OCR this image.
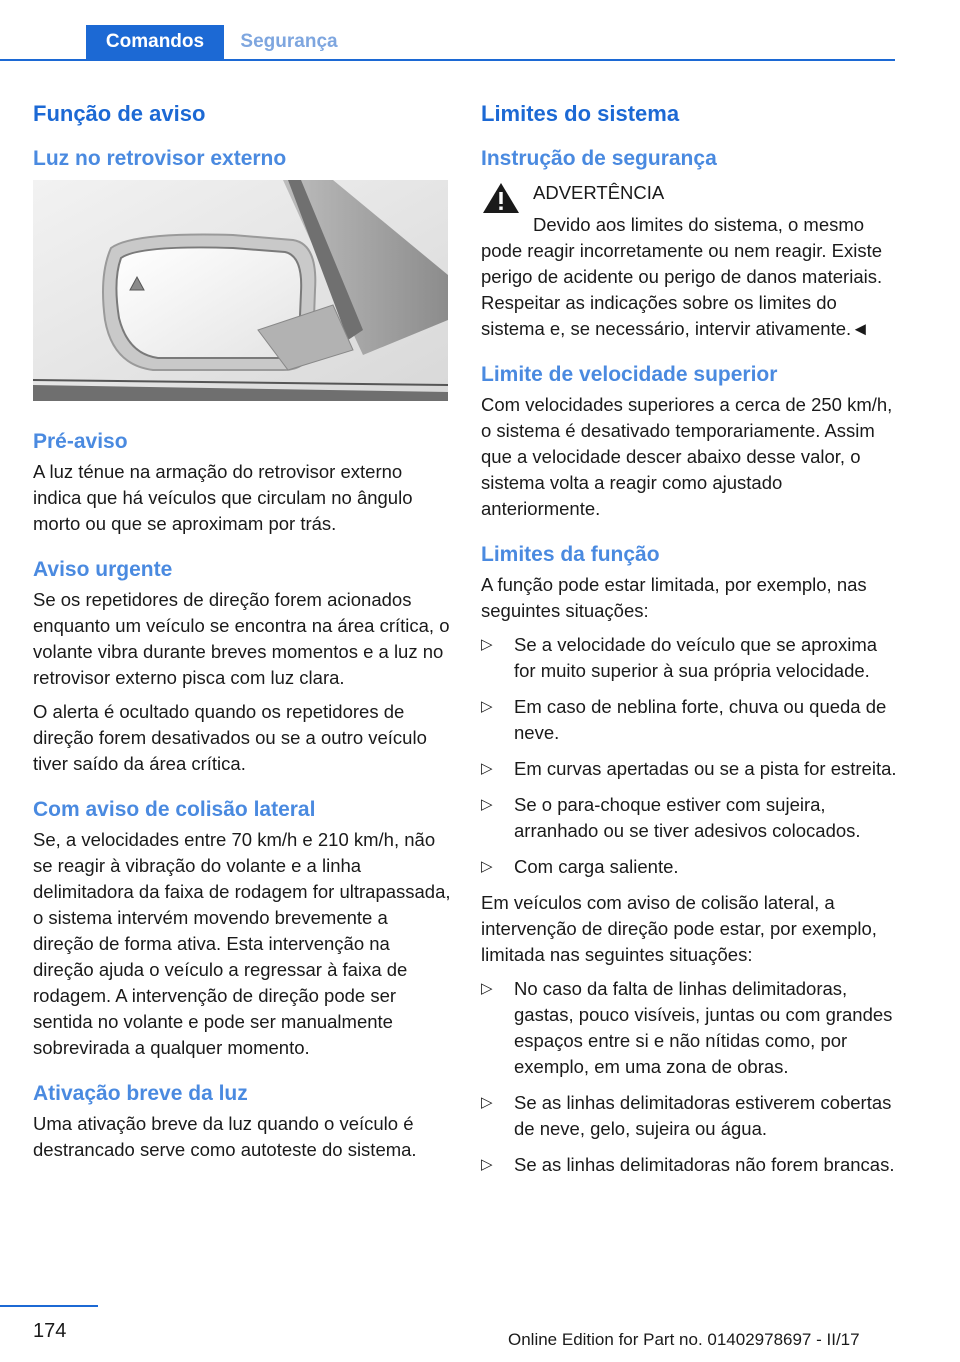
Comandos	Segurança
Função de aviso
Luz no retrovisor externo
Pré-aviso

A luz ténue na armação do retrovisor externo indica que há veículos que circulam no ângulo morto ou que se aproximam por trás.

Aviso urgente

Se os repetidores de direção forem acionados enquanto um veículo se encontra na área crítica, o volante vibra durante breves momentos e a luz no retrovisor externo pisca com luz clara.

O alerta é ocultado quando os repetidores de direção forem desativados ou se a outro veículo tiver saído da área crítica.

Com aviso de colisão lateral

Se, a velocidades entre 70 km/h e 210 km/h, não se reagir à vibração do volante e a linha delimitadora da faixa de rodagem for ultrapassada, o sistema intervém movendo brevemente a direção de forma ativa. Esta intervenção na direção ajuda o veículo a regressar à faixa de rodagem. A intervenção de direção pode ser sentida no volante e pode ser manualmente sobrevirada a qualquer momento.

Ativação breve da luz

Uma ativação breve da luz quando o veículo é destrancado serve como autoteste do sistema.

Limites do sistema
Instrução de segurança
ADVERTÊNCIA
Devido aos limites do sistema, o mesmo pode reagir incorretamente ou nem reagir. Existe perigo de acidente ou perigo de danos materiais. Respeitar as indicações sobre os limites do sistema e, se necessário, intervir ativamente.◄
Limite de velocidade superior

Com velocidades superiores a cerca de 250 km/h, o sistema é desativado temporariamente. Assim que a velocidade descer abaixo desse valor, o sistema volta a reagir como ajustado anteriormente.

Limites da função

A função pode estar limitada, por exemplo, nas seguintes situações:

▷ Se a velocidade do veículo que se aproxima for muito superior à sua própria velocidade.
▷ Em caso de neblina forte, chuva ou queda de neve.
▷ Em curvas apertadas ou se a pista for estreita.
▷ Se o para-choque estiver com sujeira, arranhado ou se tiver adesivos colocados.
▷ Com carga saliente.

Em veículos com aviso de colisão lateral, a intervenção de direção pode estar, por exemplo, limitada nas seguintes situações:

▷ No caso da falta de linhas delimitadoras, gastas, pouco visíveis, juntas ou com grandes espaços entre si e não nítidas como, por exemplo, em uma zona de obras.
▷ Se as linhas delimitadoras estiverem cobertas de neve, gelo, sujeira ou água.
▷ Se as linhas delimitadoras não forem brancas.
174	Online Edition for Part no. 01402978697 - II/17
